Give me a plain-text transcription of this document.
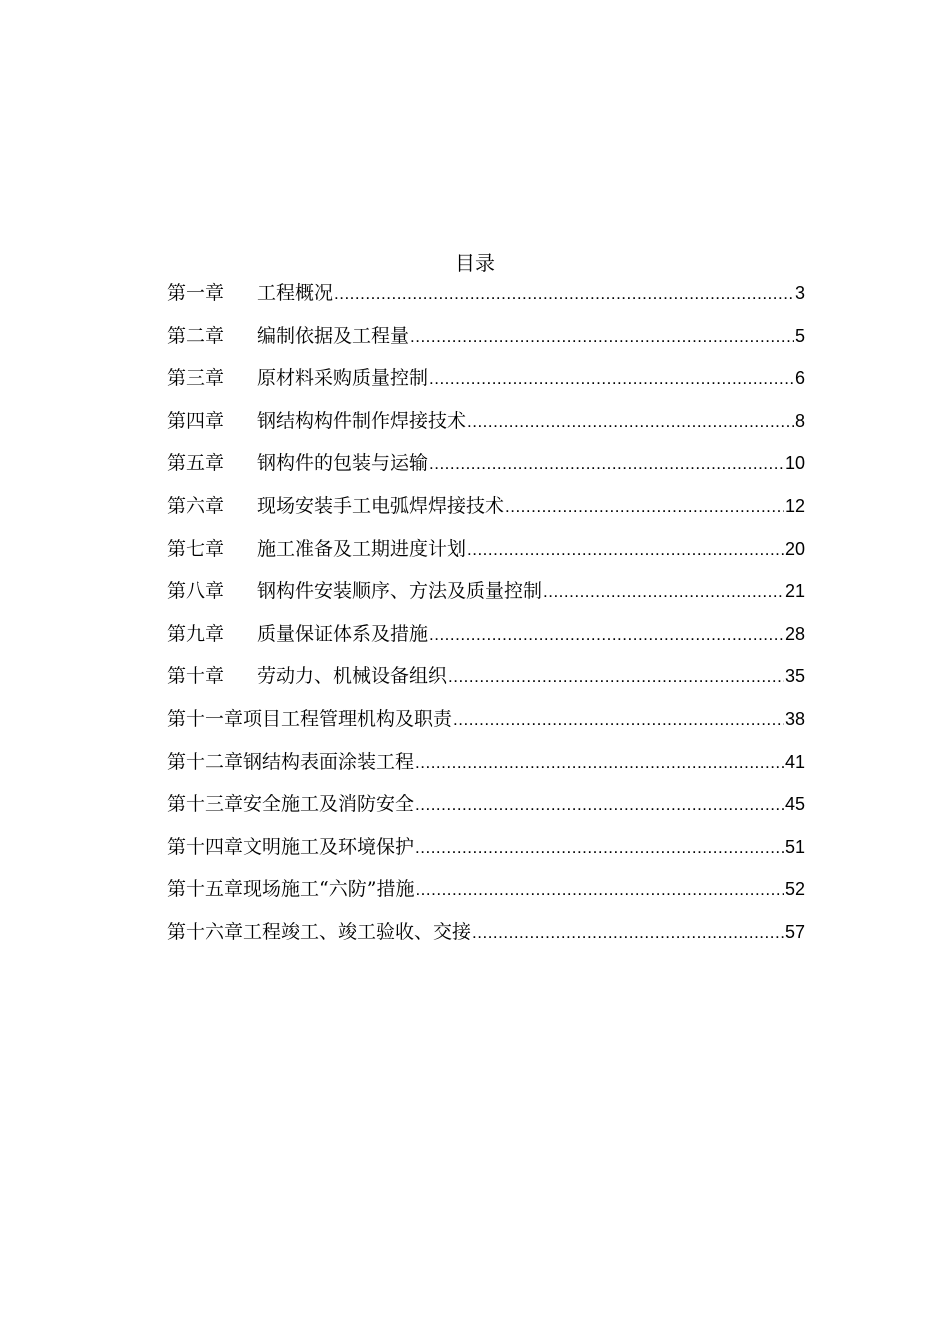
目录
第一章	工程概况 .....	3
第二章	编制依据及工程量 .....	5
第三章	原材料采购质量控制 .....	6
第四章	钢结构构件制作焊接技术 .....	8
第五章	钢构件的包装与运输 .....	10
第六章	现场安装手工电弧焊焊接技术 .....	12
第七章	施工准备及工期进度计划 .....	20
第八章	钢构件安装顺序、方法及质量控制 .....	21
第九章	质量保证体系及措施 .....	28
第十章	劳动力、机械设备组织 .....	35
第十一章 项目工程管理机构及职责 .....	38
第十二章 钢结构表面涂装工程 .....	41
第十三章 安全施工及消防安全 .....	45
第十四章 文明施工及环境保护 .....	51
第十五章 现场施工“六防”措施 .....	52
第十六章 工程竣工、竣工验收、交接 .....	57
